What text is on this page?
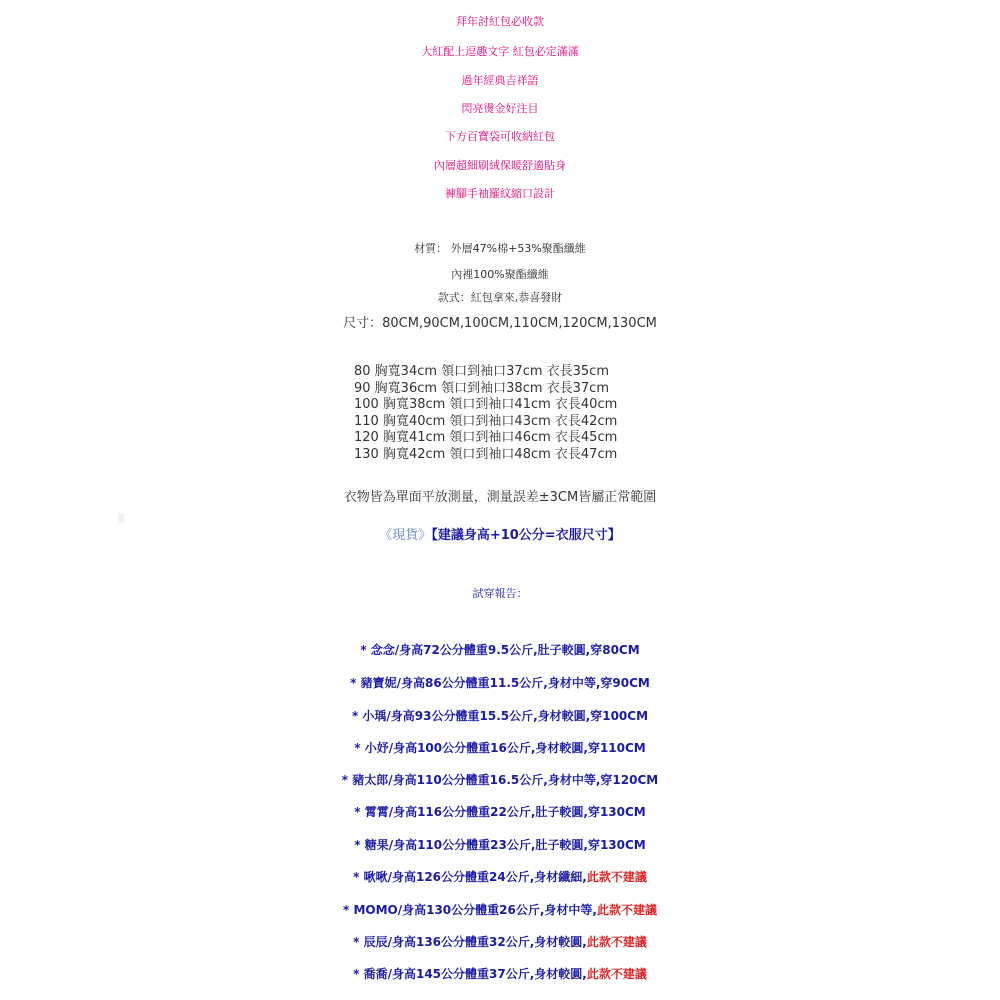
拜年討紅包必收款
大紅配上逗趣文字 紅包必定滿滿
過年經典吉祥語
閃亮燙金好注目
下方百寶袋可收納紅包
內層超細刷絨保暖舒適貼身
褲腳手袖羅紋縮口設計
材質： 外層47%棉+53%聚酯纖維
內裡100%聚酯纖維
款式：紅包拿來,恭喜發財
尺寸：80CM,90CM,100CM,110CM,120CM,130CM
80 胸寬34cm 領口到袖口37cm 衣長35cm
90 胸寬36cm 領口到袖口38cm 衣長37cm
100 胸寬38cm 領口到袖口41cm 衣長40cm
110 胸寬40cm 領口到袖口43cm 衣長42cm
120 胸寬41cm 領口到袖口46cm 衣長45cm
130 胸寬42cm 領口到袖口48cm 衣長47cm
衣物皆為單面平放測量，測量誤差±3CM皆屬正常範圍
《現貨》【建議身高+10公分=衣服尺寸】
試穿報告：
* 念念/身高72公分體重9.5公斤,肚子較圓,穿80CM
* 豬寶妮/身高86公分體重11.5公斤,身材中等,穿90CM
* 小瑀/身高93公分體重15.5公斤,身材較圓,穿100CM
* 小妤/身高100公分體重16公斤,身材較圓,穿110CM
* 豬太郎/身高110公分體重16.5公斤,身材中等,穿120CM
* 霄霄/身高116公分體重22公斤,肚子較圓,穿130CM
* 糖果/身高110公分體重23公斤,肚子較圓,穿130CM
* 啾啾/身高126公分體重24公斤,身材纖細,此款不建議
* MOMO/身高130公分體重26公斤,身材中等,此款不建議
* 辰辰/身高136公分體重32公斤,身材較圓,此款不建議
* 喬喬/身高145公分體重37公斤,身材較圓,此款不建議
